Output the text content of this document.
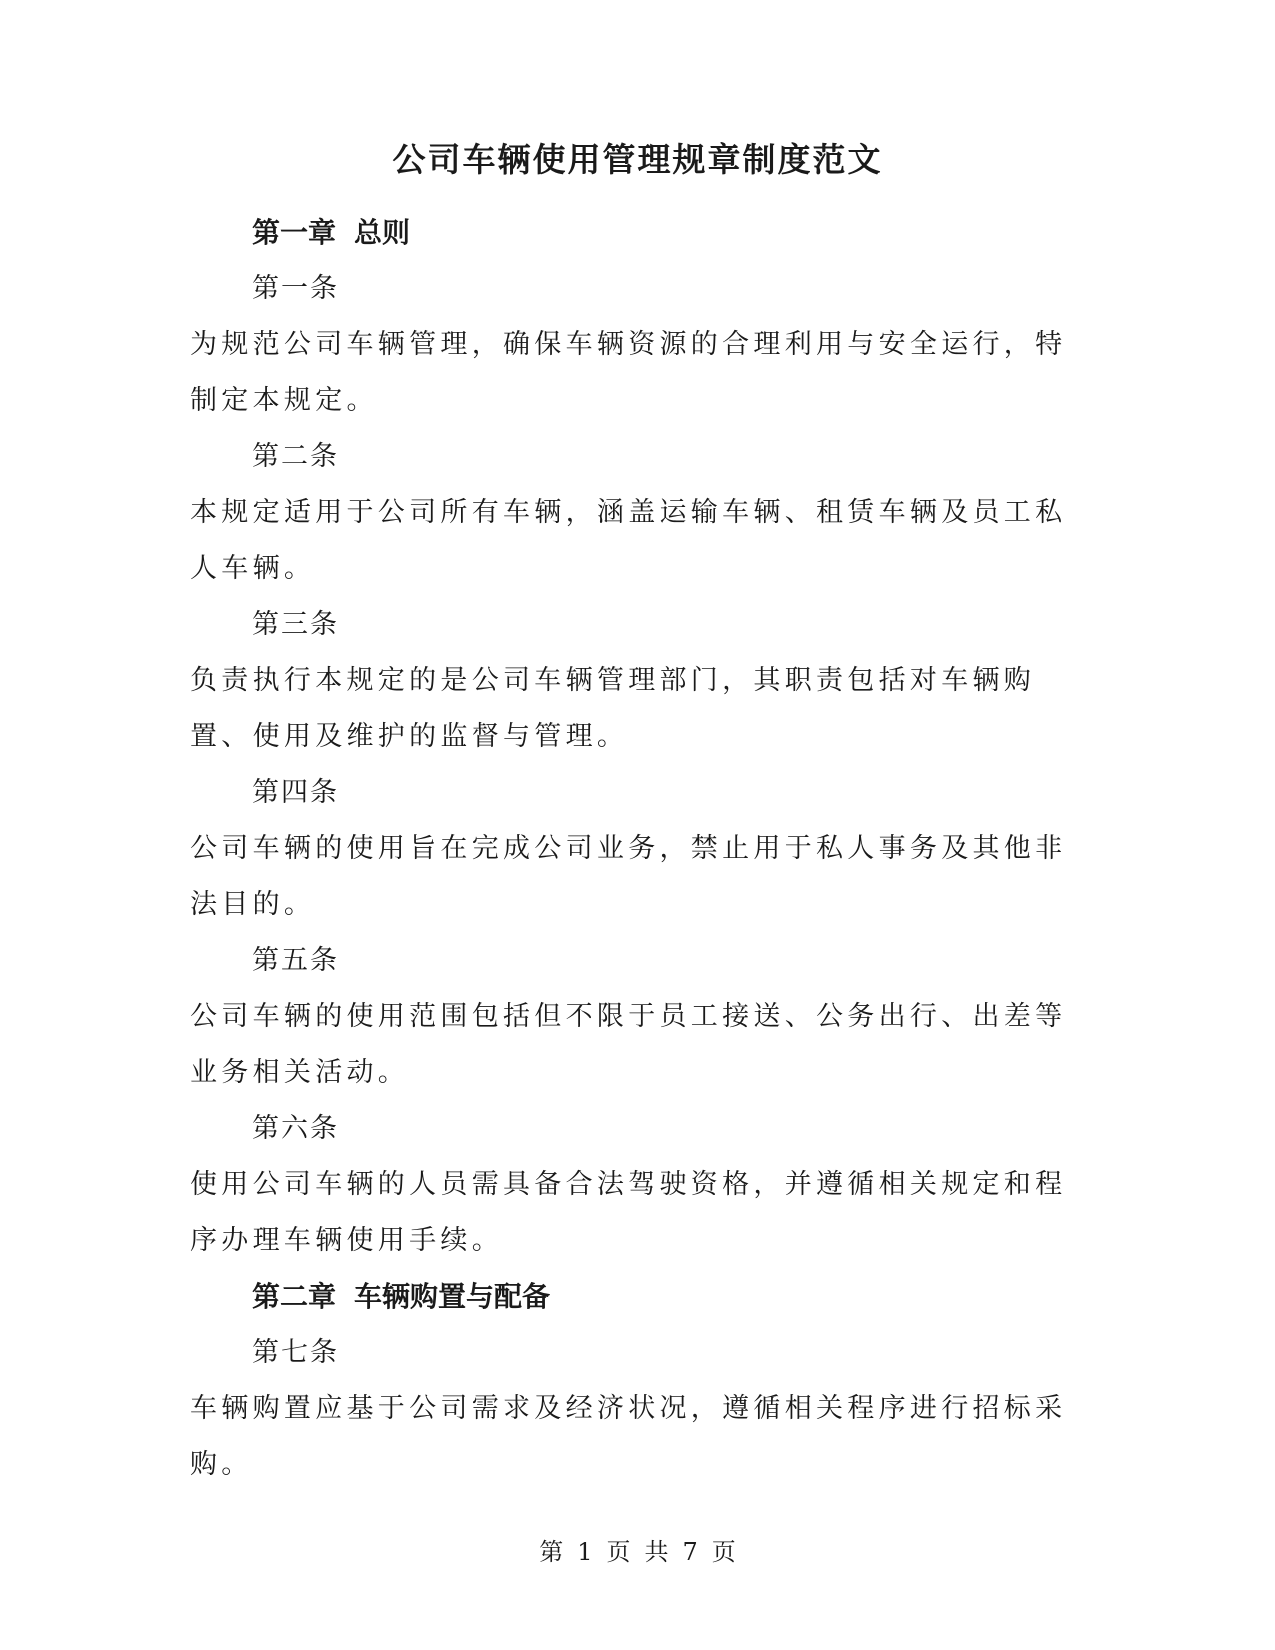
公司车辆使用管理规章制度范文
第一章 总则
第一条

为规范公司车辆管理，确保车辆资源的合理利用与安全运行，特制定本规定。

第二条

本规定适用于公司所有车辆，涵盖运输车辆、租赁车辆及员工私人车辆。

第三条

负责执行本规定的是公司车辆管理部门，其职责包括对车辆购置、使用及维护的监督与管理。

第四条

公司车辆的使用旨在完成公司业务，禁止用于私人事务及其他非法目的。

第五条

公司车辆的使用范围包括但不限于员工接送、公务出行、出差等业务相关活动。

第六条

使用公司车辆的人员需具备合法驾驶资格，并遵循相关规定和程序办理车辆使用手续。

第二章 车辆购置与配备
第七条

车辆购置应基于公司需求及经济状况，遵循相关程序进行招标采购。

第 1 页 共 7 页
